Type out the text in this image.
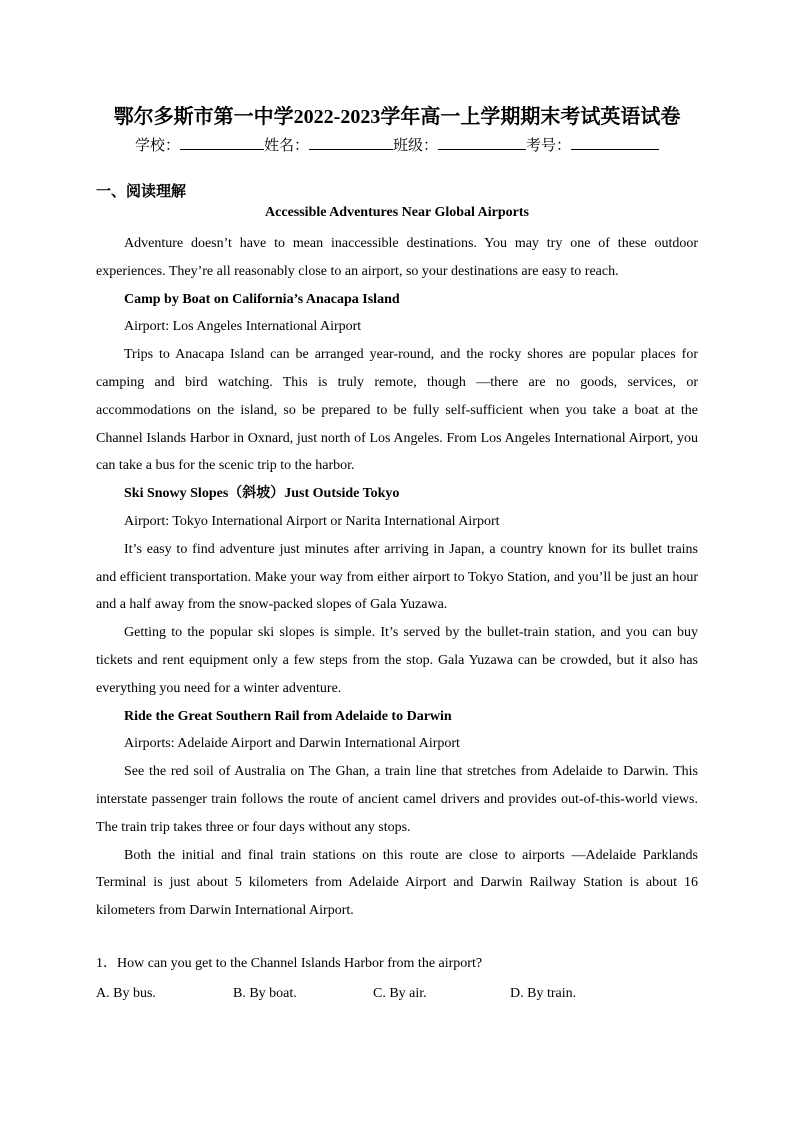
鄂尔多斯市第一中学2022-2023学年高一上学期期末考试英语试卷
学校：	姓名：	班级：	考号：
一、阅读理解
Accessible Adventures Near Global Airports

Adventure doesn’t have to mean inaccessible destinations. You may try one of these outdoor experiences. They’re all reasonably close to an airport, so your destinations are easy to reach.

Camp by Boat on California’s Anacapa Island

Airport: Los Angeles International Airport

Trips to Anacapa Island can be arranged year-round, and the rocky shores are popular places for camping and bird watching. This is truly remote, though —there are no goods, services, or accommodations on the island, so be prepared to be fully self-sufficient when you take a boat at the Channel Islands Harbor in Oxnard, just north of Los Angeles. From Los Angeles International Airport, you can take a bus for the scenic trip to the harbor.

Ski Snowy Slopes（斜坡）Just Outside Tokyo

Airport: Tokyo International Airport or Narita International Airport

It’s easy to find adventure just minutes after arriving in Japan, a country known for its bullet trains and efficient transportation. Make your way from either airport to Tokyo Station, and you’ll be just an hour and a half away from the snow-packed slopes of Gala Yuzawa.

Getting to the popular ski slopes is simple. It’s served by the bullet-train station, and you can buy tickets and rent equipment only a few steps from the stop. Gala Yuzawa can be crowded, but it also has everything you need for a winter adventure.

Ride the Great Southern Rail from Adelaide to Darwin

Airports: Adelaide Airport and Darwin International Airport

See the red soil of Australia on The Ghan, a train line that stretches from Adelaide to Darwin. This interstate passenger train follows the route of ancient camel drivers and provides out-of-this-world views. The train trip takes three or four days without any stops.

Both the initial and final train stations on this route are close to airports —Adelaide Parklands Terminal is just about 5 kilometers from Adelaide Airport and Darwin Railway Station is about 16 kilometers from Darwin International Airport.

1．How can you get to the Channel Islands Harbor from the airport?
A. By bus.	B. By boat.	C. By air.	D. By train.
